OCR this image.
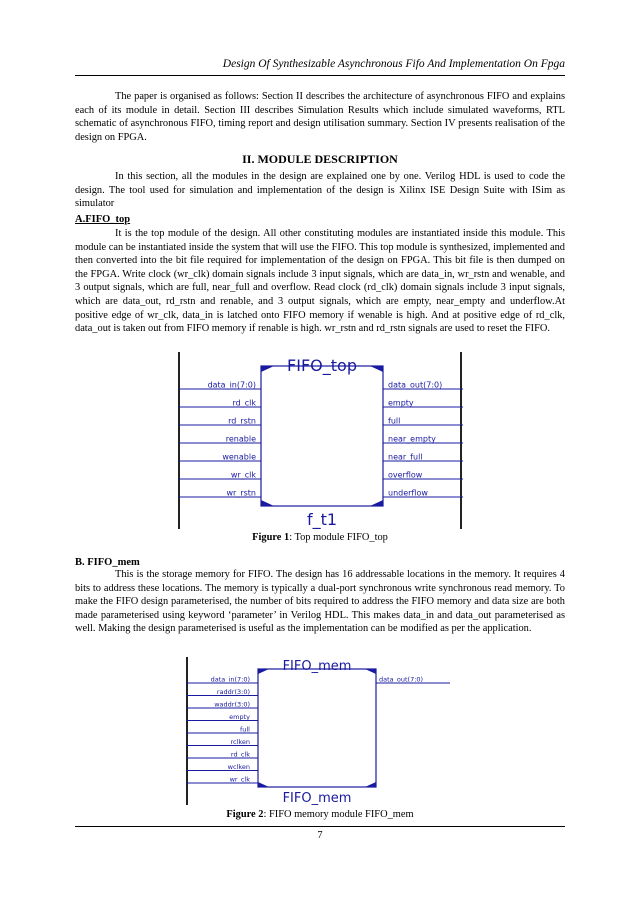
Design Of Synthesizable Asynchronous Fifo And Implementation On Fpga

The paper is organised as follows: Section II describes the architecture of asynchronous FIFO and explains each of its module in detail. Section III describes Simulation Results which include simulated waveforms, RTL schematic of asynchronous FIFO, timing report and design utilisation summary. Section IV presents realisation of the design on FPGA.

II. MODULE DESCRIPTION

In this section, all the modules in the design are explained one by one. Verilog HDL is used to code the design. The tool used for simulation and implementation of the design is Xilinx ISE Design Suite with ISim as simulator

A.FIFO_top

It is the top module of the design. All other constituting modules are instantiated inside this module. This module can be instantiated inside the system that will use the FIFO. This top module is synthesized, implemented and then converted into the bit file required for implementation of the design on FPGA. This bit file is then dumped on the FPGA. Write clock (wr_clk) domain signals include 3 input signals, which are data_in, wr_rstn and wenable, and 3 output signals, which are full, near_full and overflow. Read clock (rd_clk) domain signals include 3 input signals, which are data_out, rd_rstn and renable, and 3 output signals, which are empty, near_empty and underflow.At positive edge of wr_clk, data_in is latched onto FIFO memory if wenable is high. And at positive edge of rd_clk, data_out is taken out from FIFO memory if renable is high. wr_rstn and rd_rstn signals are used to reset the FIFO.

FIFO_top
f_t1
data_in(7:0)
rd_clk
rd_rstn
renable
wenable
wr_clk
wr_rstn
data_out(7:0)
empty
full
near_empty
near_full
overflow
underflow
Figure 1: Top module FIFO_top
B. FIFO_mem

This is the storage memory for FIFO. The design has 16 addressable locations in the memory. It requires 4 bits to address these locations. The memory is typically a dual-port synchronous write synchronous read memory. To make the FIFO design parameterised, the number of bits required to address the FIFO memory and data size are both made parameterised using keyword ‘parameter’ in Verilog HDL. This makes data_in and data_out parameterised as well. Making the design parameterised is useful as the implementation can be modified as per the application.

FIFO_mem
FIFO_mem
data_in(7:0)
raddr(3:0)
waddr(3:0)
empty
full
rclken
rd_clk
wclken
wr_clk
data_out(7:0)
Figure 2: FIFO memory module FIFO_mem
7
